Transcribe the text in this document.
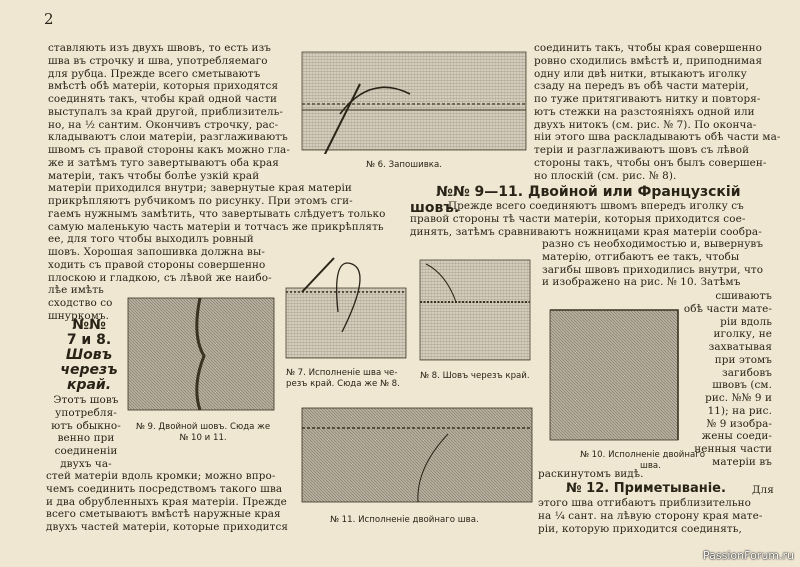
2
ставляють изъ двухъ швовъ, то есть изъ
шва въ строчку и шва, употребляемаго
для рубца. Прежде всего сметываютъ
вмѣстѣ обѣ матеріи, которыя приходятся
соединять такъ, чтобы край одной части
выступалъ за край другой, приблизитель-
но, на ½ сантим. Окончивъ строчку, рас-
кладываютъ слои матеріи, разглаживаютъ
швомъ съ правой стороны какъ можно гла-
же и затѣмъ туго завертываютъ оба края
матеріи, такъ чтобы болѣе узкій край
матеріи приходился внутри; завернутые края матеріи
прикрѣпляютъ рубчикомъ по рисунку. При этомъ сги-
гаемъ нужнымъ замѣтить, что завертывать слѣдуетъ только
самую маленькую часть матеріи и тотчасъ же прикрѣплять
ее, для того чтобы выходилъ ровный
шовъ. Хорошая запошивка должна вы-
ходить съ правой стороны совершенно
плоскою и гладкою, съ лѣвой же наибо-
лѣе имѣть
сходство со
шнуркомъ.
№№
7 и 8.
Шовъ
черезъ
край.
Этотъ шовъ
употребля-
ютъ обыкно-
венно при
соединеніи
двухъ ча-
стей матеріи вдоль кромки; можно впро-
чемъ соединить посредствомъ такого шва
и два обрубленныхъ края матеріи. Прежде
всего сметываютъ вмѣстѣ наружные края
двухъ частей матеріи, которые приходится
соединить такъ, чтобы края совершенно
ровно сходились вмѣстѣ и, приподнимая
одну или двѣ нитки, втыкаютъ иголку
сзаду на передъ въ обѣ части матеріи,
по туже притягиваютъ нитку и повторя-
ютъ стежки на разстояніяхъ одной или
двухъ нитокъ (см. рис. № 7). По оконча-
ніи этого шва раскладываютъ обѣ части ма-
теріи и разглаживаютъ шовъ съ лѣвой
стороны такъ, чтобы онъ былъ совершен-
но плоскій (см. рис. № 8).
№№ 9—11. Двойной или Французскій
шовъ.
Прежде всего соединяютъ швомъ впередъ иголку съ
правой стороны тѣ части матеріи, которыя приходится сое-
динять, затѣмъ сравниваютъ ножницами края матеріи сообра-
разно съ необходимостью и, вывернувъ
матерію, отгибаютъ ее такъ, чтобы
загибы швовъ приходились внутри, что
и изображено на рис. № 10. Затѣмъ
сшиваютъ
обѣ части мате-
ріи вдоль
иголку, не
захватывая
при этомъ
загибовъ
швовъ (см.
рис. №№ 9 и
11); на рис.
№ 9 изобра-
жены соеди-
ненныя части
матеріи въ
раскинутомъ видѣ.
№ 12. Приметываніе.	Для
этого шва отгибаютъ приблизительно
на ¼ сант. на лѣвую сторону края мате-
ріи, которую приходится соединять,
№ 6. Запошивка.
№ 7. Исполненіе шва че-
резъ край. Сюда же № 8.
№ 8. Шовъ черезъ край.
№ 9. Двойной шовъ. Сюда же
№ 10 и 11.
№ 10. Исполненіе двойнаго
шва.
№ 11. Исполненіе двойнаго шва.
PassionForum.ru
